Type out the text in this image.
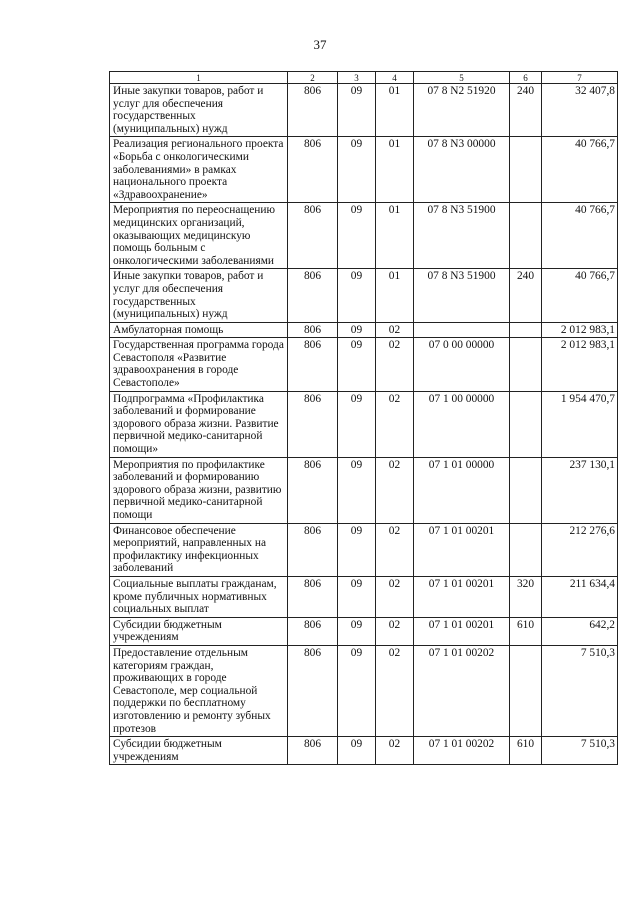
37
1	2	3	4	5	6	7
Иные закупки товаров, работ и услуг для обеспечения государственных (муниципальных) нужд	806	09	01	07 8 N2 51920	240	32 407,8
Реализация регионального проекта «Борьба с онкологическими заболеваниями» в рамках национального проекта «Здравоохранение»	806	09	01	07 8 N3 00000		40 766,7
Мероприятия по переоснащению медицинских организаций, оказывающих медицинскую помощь больным с онкологическими заболеваниями	806	09	01	07 8 N3 51900		40 766,7
Иные закупки товаров, работ и услуг для обеспечения государственных (муниципальных) нужд	806	09	01	07 8 N3 51900	240	40 766,7
Амбулаторная помощь	806	09	02			2 012 983,1
Государственная программа города Севастополя «Развитие здравоохранения в городе Севастополе»	806	09	02	07 0 00 00000		2 012 983,1
Подпрограмма «Профилактика заболеваний и формирование здорового образа жизни. Развитие первичной медико-санитарной помощи»	806	09	02	07 1 00 00000		1 954 470,7
Мероприятия по профилактике заболеваний и формированию здорового образа жизни, развитию первичной медико-санитарной помощи	806	09	02	07 1 01 00000		237 130,1
Финансовое обеспечение мероприятий, направленных на профилактику инфекционных заболеваний	806	09	02	07 1 01 00201		212 276,6
Социальные выплаты гражданам, кроме публичных нормативных социальных выплат	806	09	02	07 1 01 00201	320	211 634,4
Субсидии бюджетным учреждениям	806	09	02	07 1 01 00201	610	642,2
Предоставление отдельным категориям граждан, проживающих в городе Севастополе, мер социальной поддержки по бесплатному изготовлению и ремонту зубных протезов	806	09	02	07 1 01 00202		7 510,3
Субсидии бюджетным учреждениям	806	09	02	07 1 01 00202	610	7 510,3
